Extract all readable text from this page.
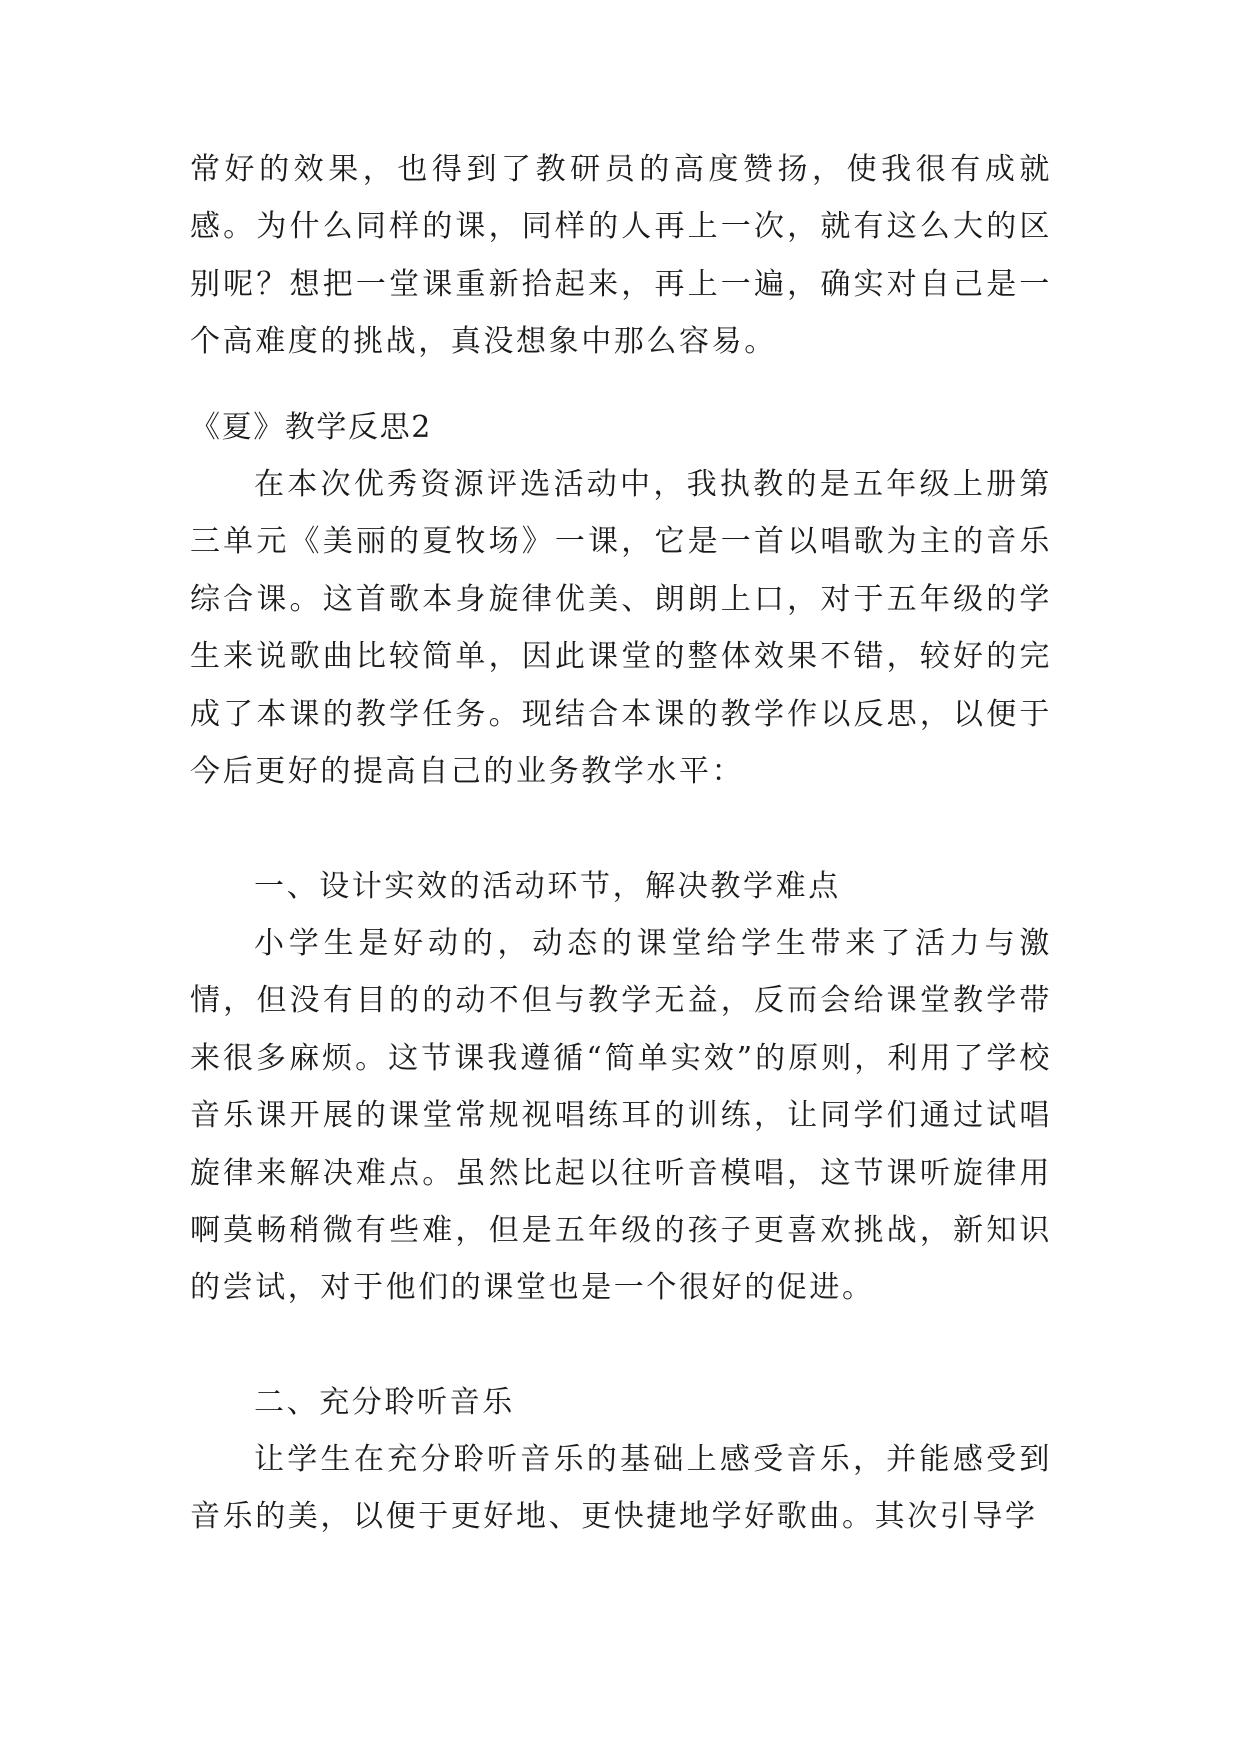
常好的效果，也得到了教研员的高度赞扬，使我很有成就感。为什么同样的课，同样的人再上一次，就有这么大的区别呢？想把一堂课重新拾起来，再上一遍，确实对自己是一个高难度的挑战，真没想象中那么容易。

《夏》教学反思2

在本次优秀资源评选活动中，我执教的是五年级上册第三单元《美丽的夏牧场》一课，它是一首以唱歌为主的音乐综合课。这首歌本身旋律优美、朗朗上口，对于五年级的学生来说歌曲比较简单，因此课堂的整体效果不错，较好的完成了本课的教学任务。现结合本课的教学作以反思，以便于今后更好的提高自己的业务教学水平：

一、设计实效的活动环节，解决教学难点

小学生是好动的，动态的课堂给学生带来了活力与激情，但没有目的的动不但与教学无益，反而会给课堂教学带来很多麻烦。这节课我遵循“简单实效”的原则，利用了学校音乐课开展的课堂常规视唱练耳的训练，让同学们通过试唱旋律来解决难点。虽然比起以往听音模唱，这节课听旋律用啊莫畅稍微有些难，但是五年级的孩子更喜欢挑战，新知识的尝试，对于他们的课堂也是一个很好的促进。

二、充分聆听音乐

让学生在充分聆听音乐的基础上感受音乐，并能感受到音乐的美，以便于更好地、更快捷地学好歌曲。其次引导学
